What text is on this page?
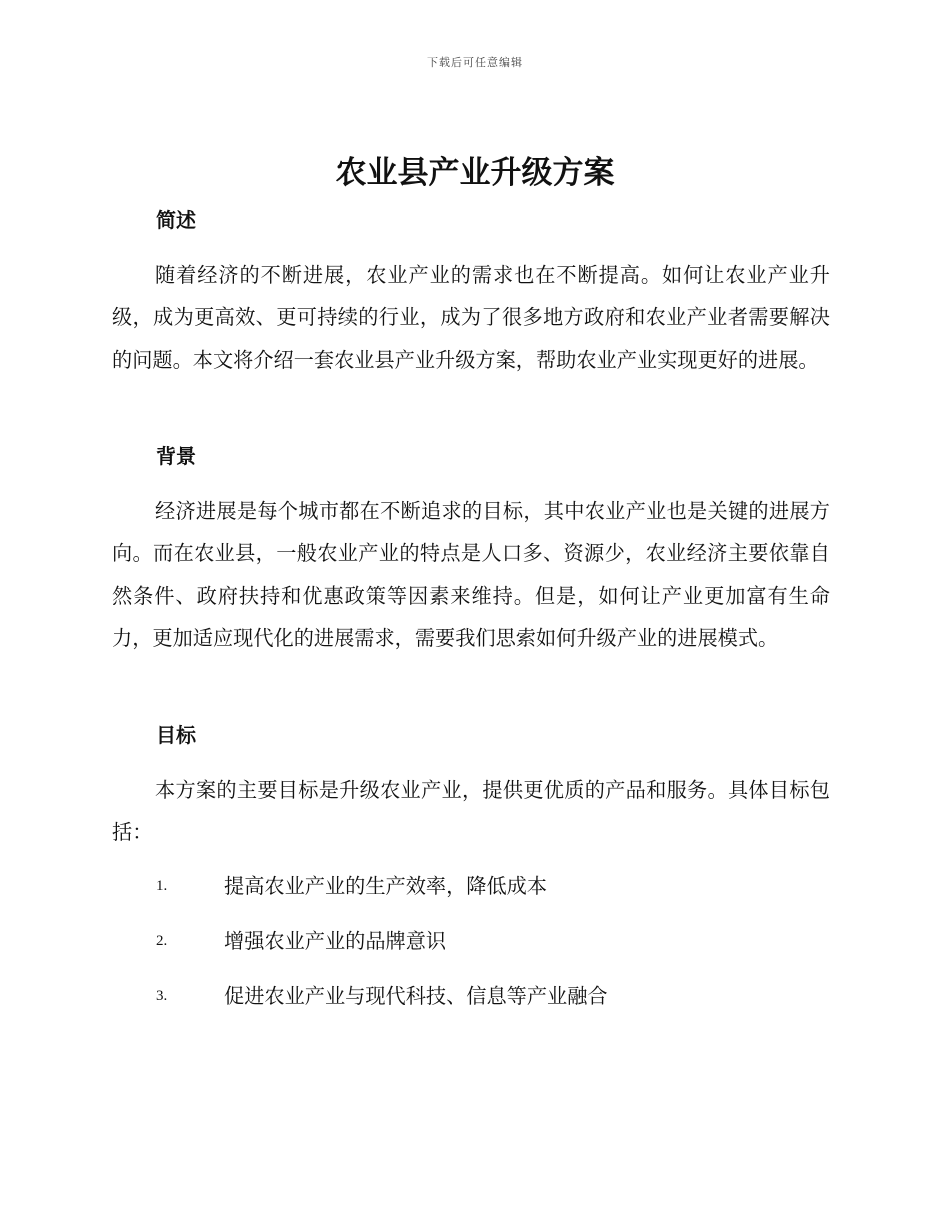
下载后可任意编辑
农业县产业升级方案
简述

随着经济的不断进展，农业产业的需求也在不断提高。如何让农业产业升级，成为更高效、更可持续的行业，成为了很多地方政府和农业产业者需要解决的问题。本文将介绍一套农业县产业升级方案，帮助农业产业实现更好的进展。

背景

经济进展是每个城市都在不断追求的目标，其中农业产业也是关键的进展方向。而在农业县，一般农业产业的特点是人口多、资源少，农业经济主要依靠自然条件、政府扶持和优惠政策等因素来维持。但是，如何让产业更加富有生命力，更加适应现代化的进展需求，需要我们思索如何升级产业的进展模式。

目标

本方案的主要目标是升级农业产业，提供更优质的产品和服务。具体目标包括：

1.	提高农业产业的生产效率，降低成本
2.	增强农业产业的品牌意识
3.	促进农业产业与现代科技、信息等产业融合
